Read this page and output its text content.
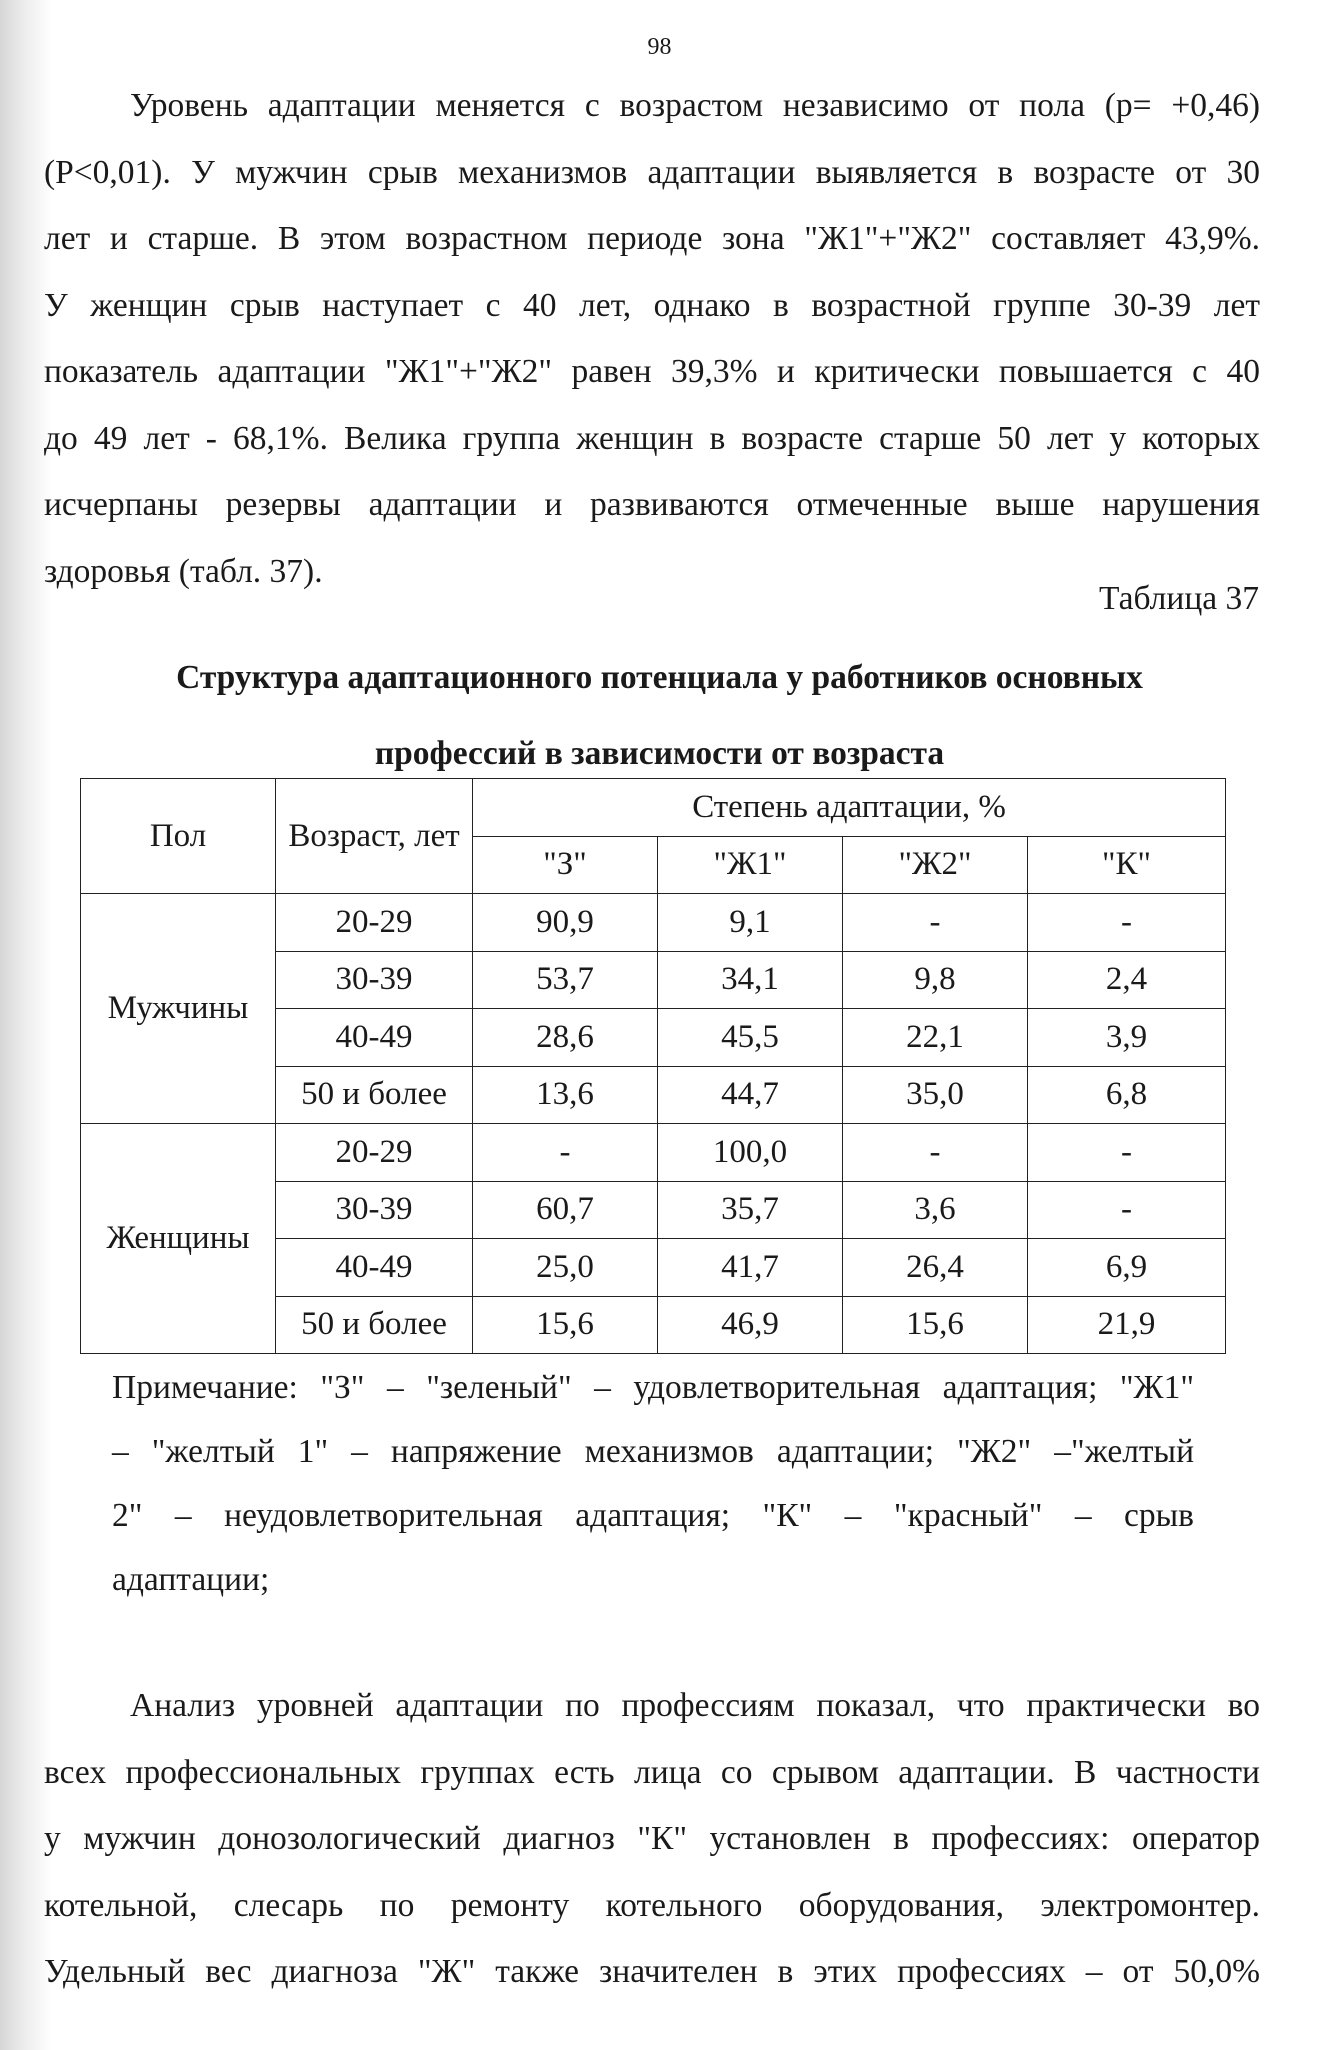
98

Уровень адаптации меняется с возрастом независимо от пола (p= +0,46)
(P<0,01). У мужчин срыв механизмов адаптации выявляется в возрасте от 30
лет и старше. В этом возрастном периоде зона "Ж1"+"Ж2" составляет 43,9%.
У женщин срыв наступает с 40 лет, однако в возрастной группе 30-39 лет
показатель адаптации "Ж1"+"Ж2" равен 39,3% и критически повышается с 40
до 49 лет - 68,1%. Велика группа женщин в возрасте старше 50 лет у которых
исчерпаны резервы адаптации и развиваются отмеченные выше нарушения
здоровья (табл. 37).

Таблица 37
Структура адаптационного потенциала у работников основных
профессий в зависимости от возраста
Пол	Возраст, лет	Степень адаптации, %			
		"З"	"Ж1"	"Ж2"	"К"
Мужчины	20-29	90,9	9,1	-	-
	30-39	53,7	34,1	9,8	2,4
	40-49	28,6	45,5	22,1	3,9
	50 и более	13,6	44,7	35,0	6,8
Женщины	20-29	-	100,0	-	-
	30-39	60,7	35,7	3,6	-
	40-49	25,0	41,7	26,4	6,9
	50 и более	15,6	46,9	15,6	21,9
Примечание: "З" – "зеленый" – удовлетворительная адаптация; "Ж1"
– "желтый 1" – напряжение механизмов адаптации; "Ж2" –"желтый
2" – неудовлетворительная адаптация; "К" – "красный" – срыв
адаптации;

Анализ уровней адаптации по профессиям показал, что практически во
всех профессиональных группах есть лица со срывом адаптации. В частности
у мужчин донозологический диагноз "К" установлен в профессиях: оператор
котельной, слесарь по ремонту котельного оборудования, электромонтер.
Удельный вес диагноза "Ж" также значителен в этих профессиях – от 50,0%
